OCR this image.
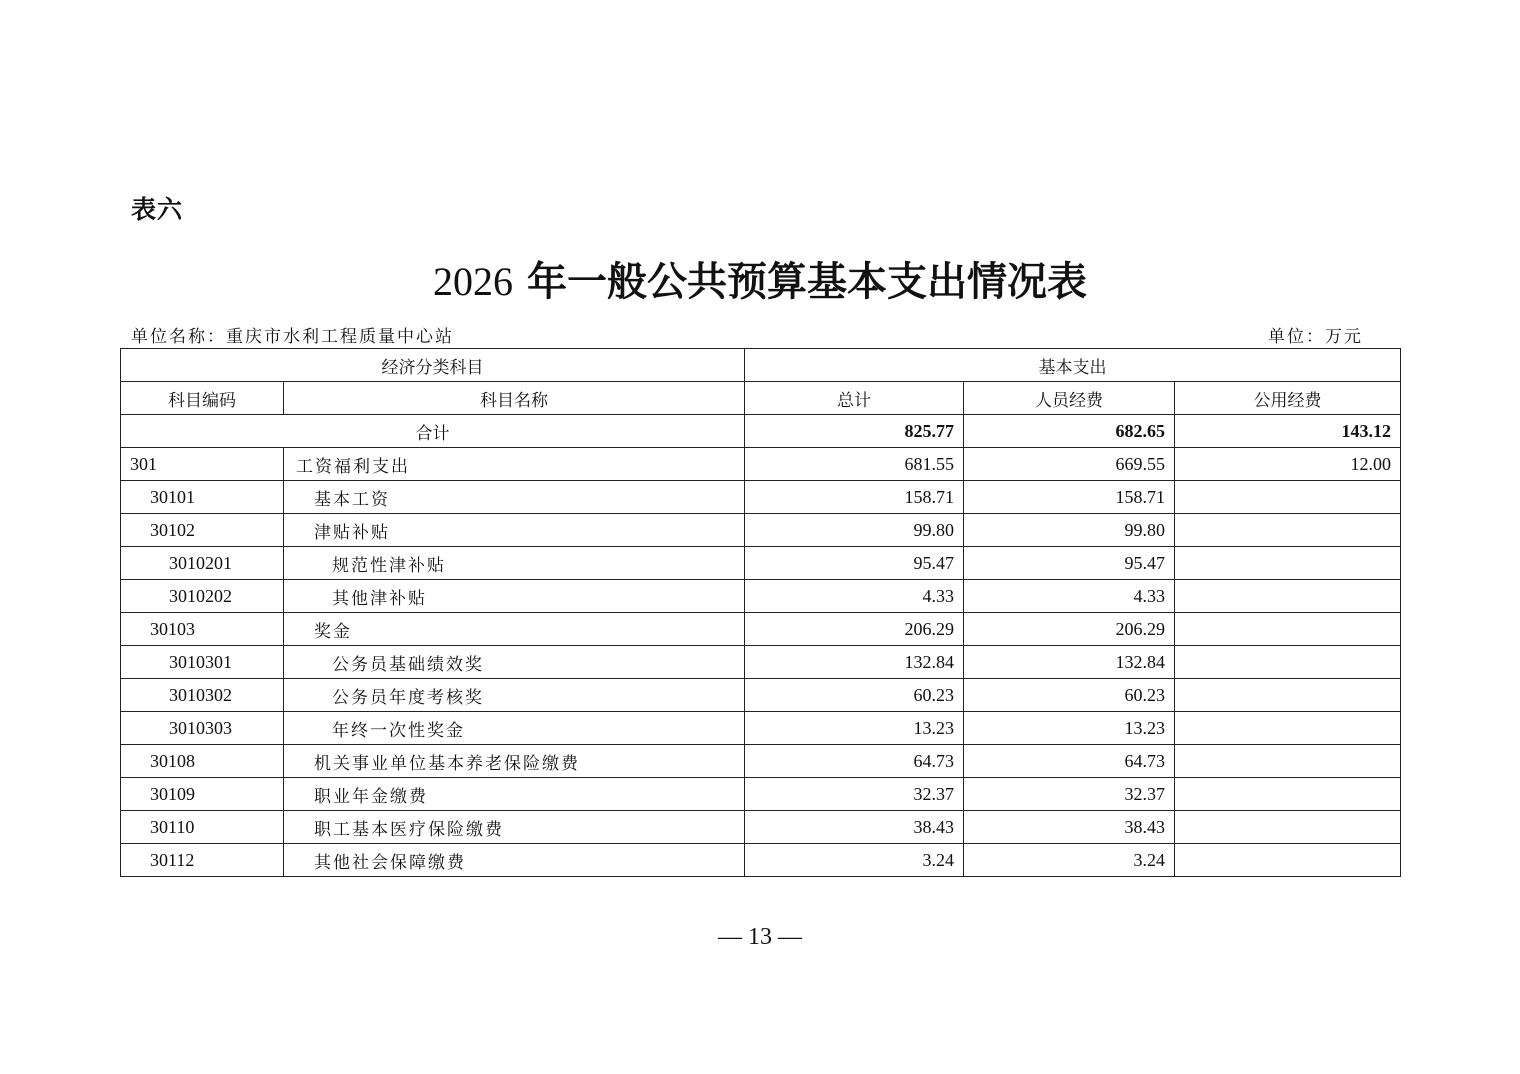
表六
2026 年一般公共预算基本支出情况表
单位名称：重庆市水利工程质量中心站	单位：万元
经济分类科目		基本支出		
科目编码	科目名称	总计	人员经费	公用经费
合计		825.77	682.65	143.12
301	工资福利支出	681.55	669.55	12.00
30101	基本工资	158.71	158.71	
30102	津贴补贴	99.80	99.80	
3010201	规范性津补贴	95.47	95.47	
3010202	其他津补贴	4.33	4.33	
30103	奖金	206.29	206.29	
3010301	公务员基础绩效奖	132.84	132.84	
3010302	公务员年度考核奖	60.23	60.23	
3010303	年终一次性奖金	13.23	13.23	
30108	机关事业单位基本养老保险缴费	64.73	64.73	
30109	职业年金缴费	32.37	32.37	
30110	职工基本医疗保险缴费	38.43	38.43	
30112	其他社会保障缴费	3.24	3.24	
— 13 —
